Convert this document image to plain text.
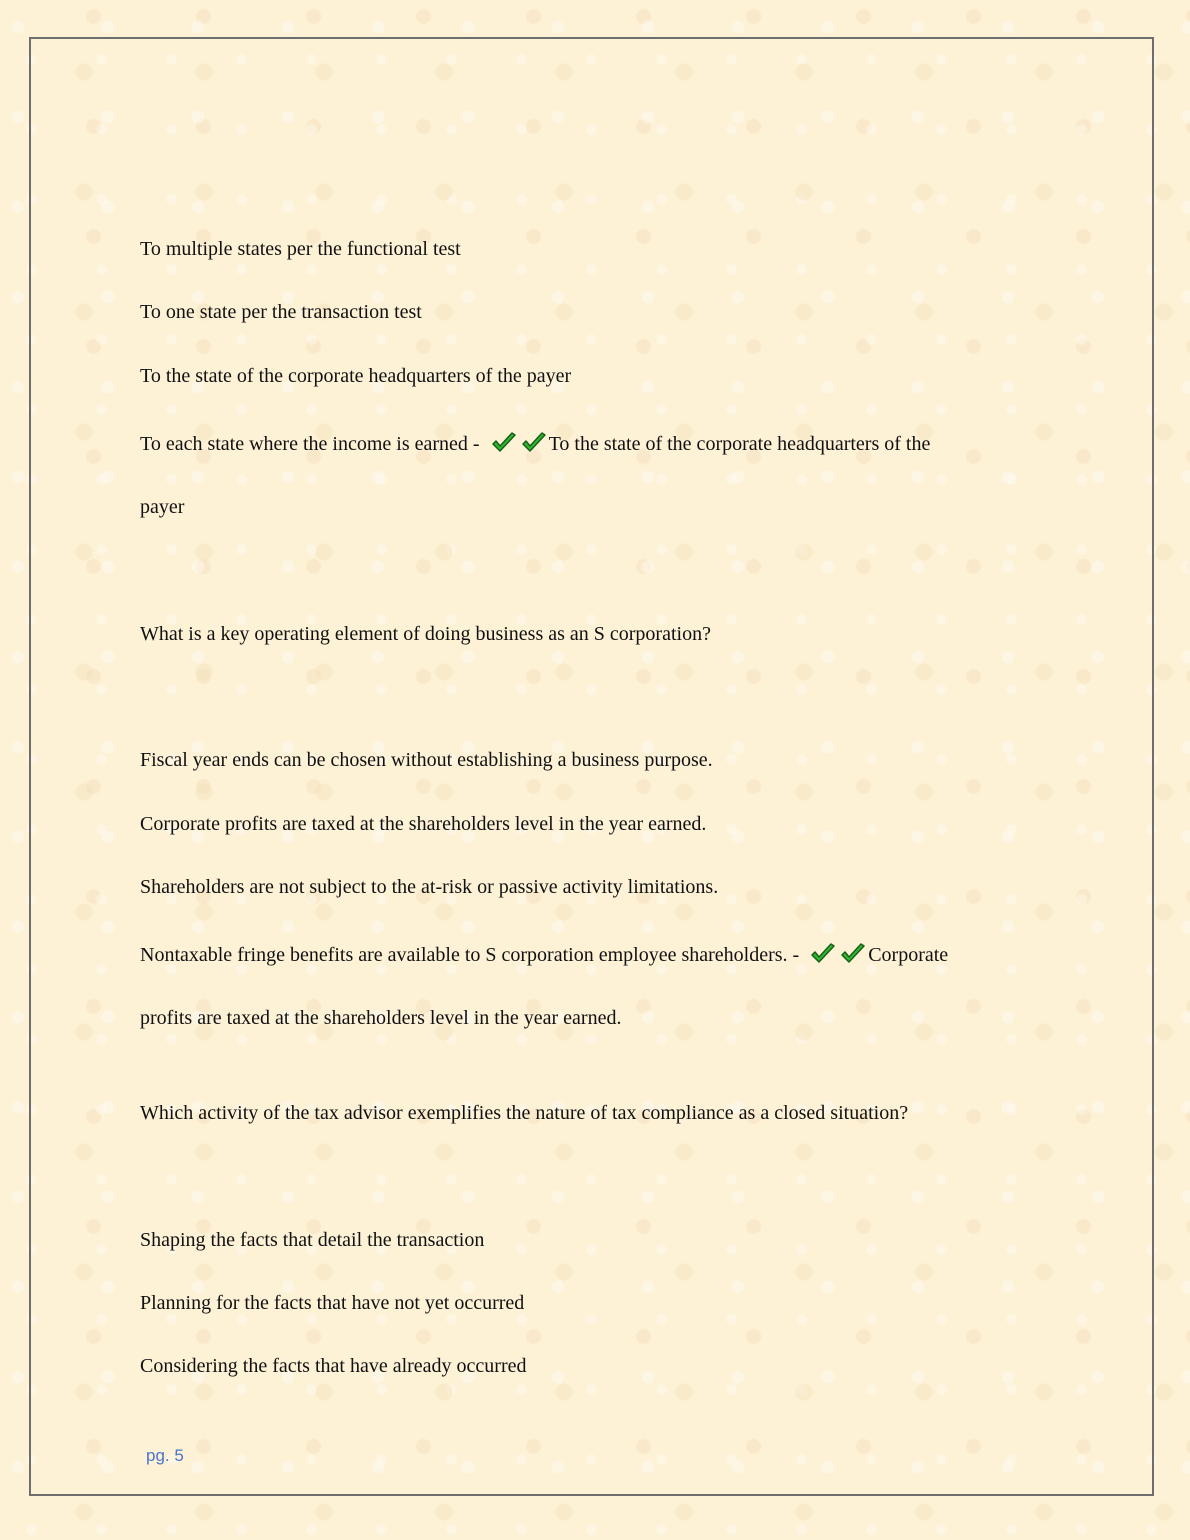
To multiple states per the functional test
To one state per the transaction test
To the state of the corporate headquarters of the payer
To each state where the income is earned -	To the state of the corporate headquarters of the
payer
What is a key operating element of doing business as an S corporation?
Fiscal year ends can be chosen without establishing a business purpose.
Corporate profits are taxed at the shareholders level in the year earned.
Shareholders are not subject to the at-risk or passive activity limitations.
Nontaxable fringe benefits are available to S corporation employee shareholders. -	Corporate
profits are taxed at the shareholders level in the year earned.
Which activity of the tax advisor exemplifies the nature of tax compliance as a closed situation?
Shaping the facts that detail the transaction
Planning for the facts that have not yet occurred
Considering the facts that have already occurred
pg. 5
